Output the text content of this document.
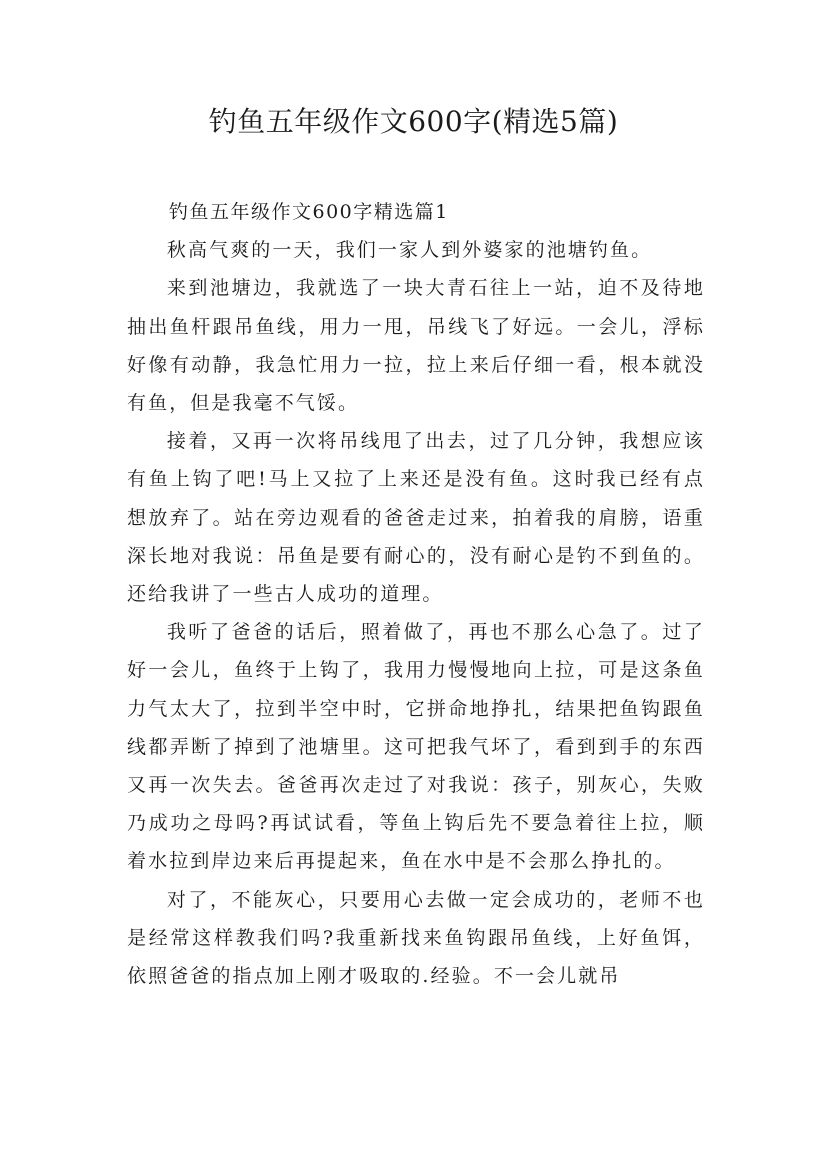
钓鱼五年级作文600字(精选5篇)
钓鱼五年级作文600字精选篇1

秋高气爽的一天，我们一家人到外婆家的池塘钓鱼。

来到池塘边，我就选了一块大青石往上一站，迫不及待地抽出鱼杆跟吊鱼线，用力一甩，吊线飞了好远。一会儿，浮标好像有动静，我急忙用力一拉，拉上来后仔细一看，根本就没有鱼，但是我毫不气馁。

接着，又再一次将吊线甩了出去，过了几分钟，我想应该有鱼上钩了吧!马上又拉了上来还是没有鱼。这时我已经有点想放弃了。站在旁边观看的爸爸走过来，拍着我的肩膀，语重深长地对我说：吊鱼是要有耐心的，没有耐心是钓不到鱼的。还给我讲了一些古人成功的道理。

我听了爸爸的话后，照着做了，再也不那么心急了。过了好一会儿，鱼终于上钩了，我用力慢慢地向上拉，可是这条鱼力气太大了，拉到半空中时，它拼命地挣扎，结果把鱼钩跟鱼线都弄断了掉到了池塘里。这可把我气坏了，看到到手的东西又再一次失去。爸爸再次走过了对我说：孩子，别灰心，失败乃成功之母吗?再试试看，等鱼上钩后先不要急着往上拉，顺着水拉到岸边来后再提起来，鱼在水中是不会那么挣扎的。

对了，不能灰心，只要用心去做一定会成功的，老师不也是经常这样教我们吗?我重新找来鱼钩跟吊鱼线，上好鱼饵，依照爸爸的指点加上刚才吸取的.经验。不一会儿就吊
